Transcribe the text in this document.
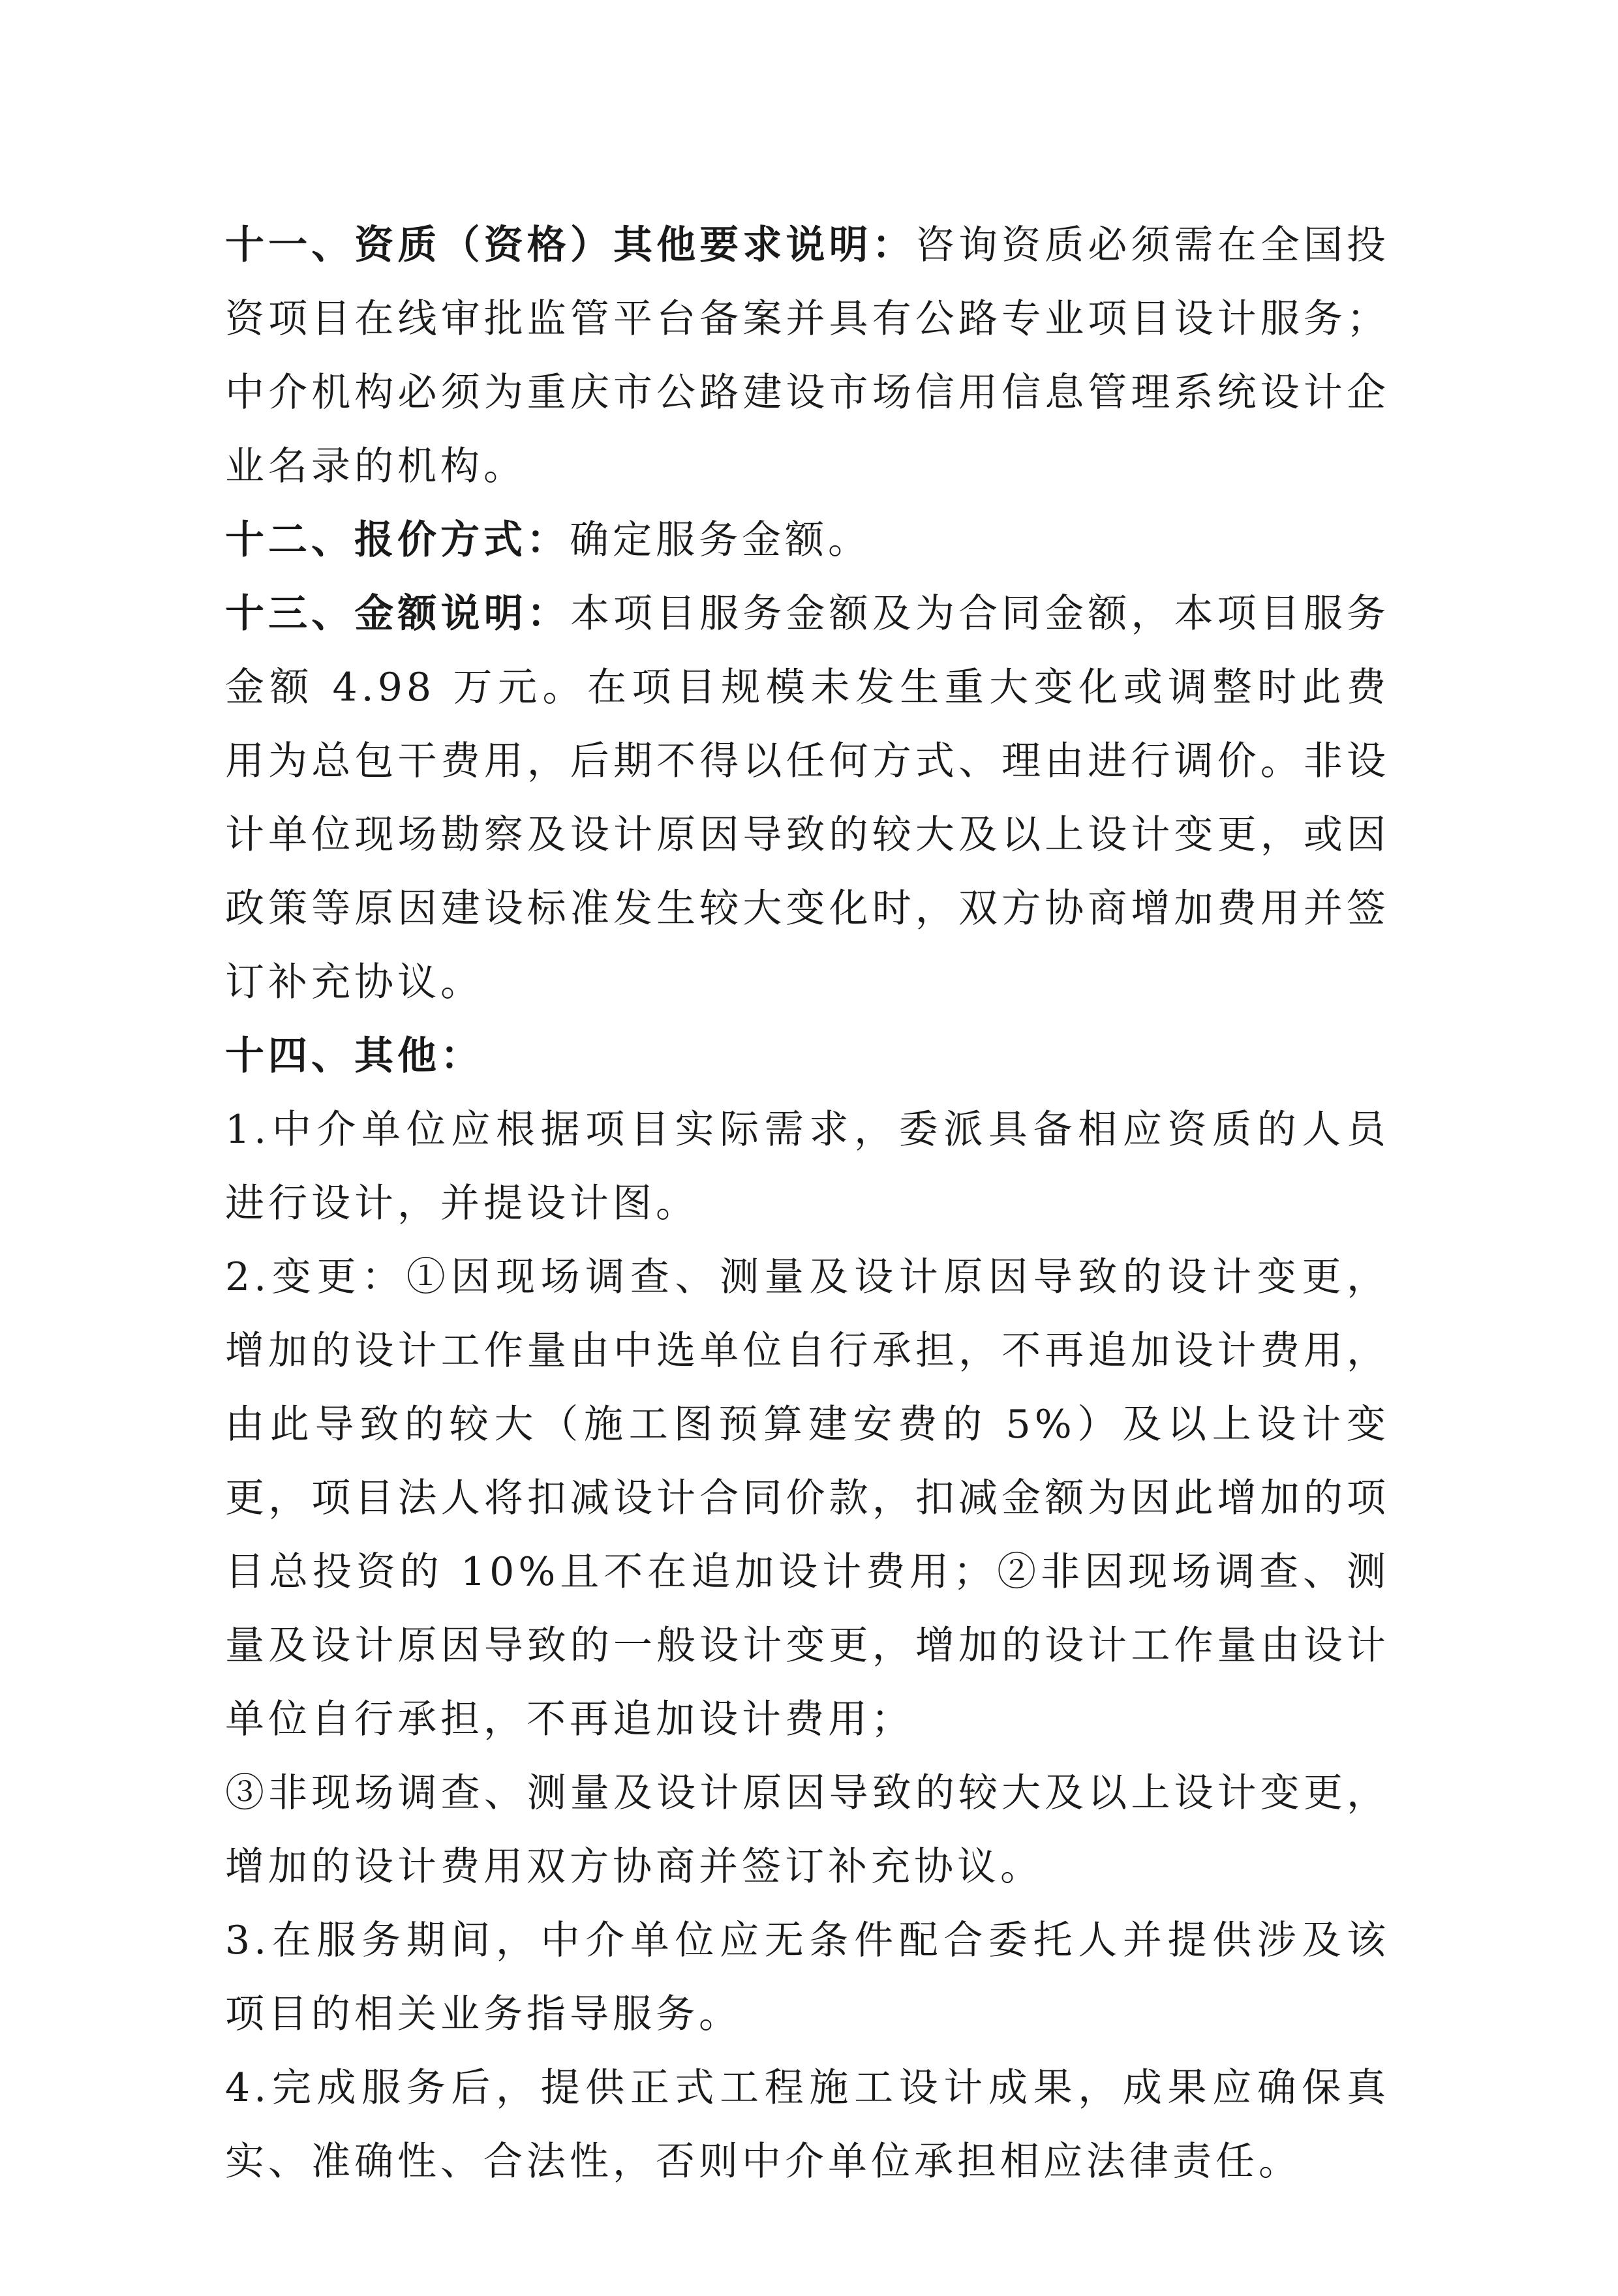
十一、资质（资格）其他要求说明：咨询资质必须需在全国投资项目在线审批监管平台备案并具有公路专业项目设计服务；中介机构必须为重庆市公路建设市场信用信息管理系统设计企业名录的机构。

十二、报价方式：确定服务金额。

十三、金额说明：本项目服务金额及为合同金额，本项目服务金额 4.98 万元。在项目规模未发生重大变化或调整时此费用为总包干费用，后期不得以任何方式、理由进行调价。非设计单位现场勘察及设计原因导致的较大及以上设计变更，或因政策等原因建设标准发生较大变化时，双方协商增加费用并签订补充协议。

十四、其他：

1.中介单位应根据项目实际需求，委派具备相应资质的人员进行设计，并提设计图。

2.变更：①因现场调查、测量及设计原因导致的设计变更，增加的设计工作量由中选单位自行承担，不再追加设计费用，由此导致的较大（施工图预算建安费的 5%）及以上设计变更，项目法人将扣减设计合同价款，扣减金额为因此增加的项目总投资的 10%且不在追加设计费用；②非因现场调查、测量及设计原因导致的一般设计变更，增加的设计工作量由设计单位自行承担，不再追加设计费用；

③非现场调查、测量及设计原因导致的较大及以上设计变更，增加的设计费用双方协商并签订补充协议。

3.在服务期间，中介单位应无条件配合委托人并提供涉及该项目的相关业务指导服务。

4.完成服务后，提供正式工程施工设计成果，成果应确保真实、准确性、合法性，否则中介单位承担相应法律责任。
